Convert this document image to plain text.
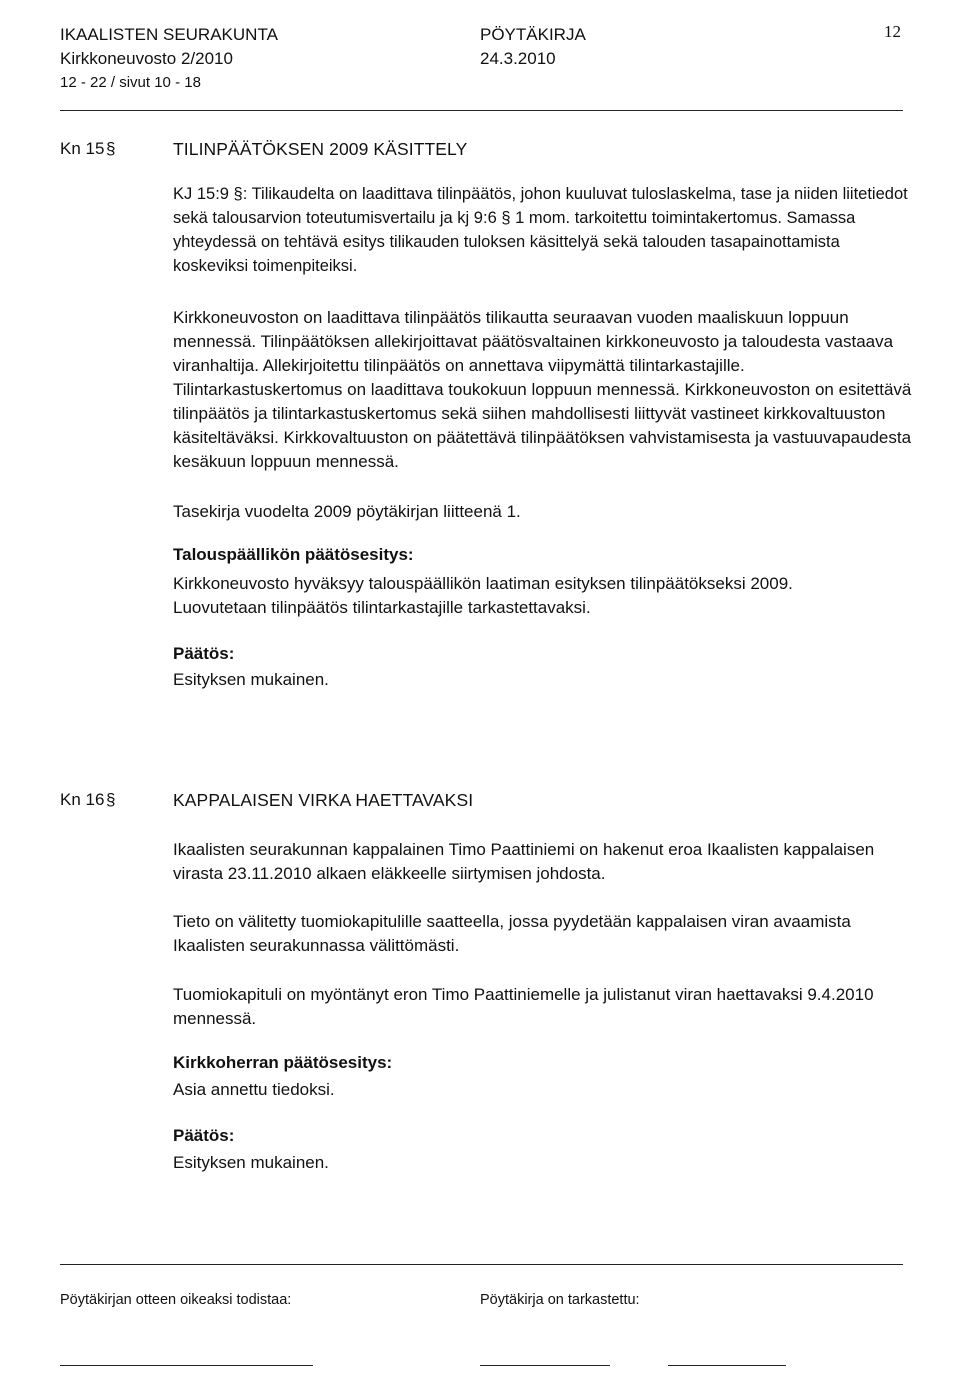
IKAALISTEN SEURAKUNTA	PÖYTÄKIRJA	12
Kirkkoneuvosto 2/2010	24.3.2010
12 - 22 / sivut 10 - 18
Kn 15 §	TILINPÄÄTÖKSEN 2009 KÄSITTELY
KJ 15:9 §: Tilikaudelta on laadittava tilinpäätös, johon kuuluvat tuloslaskelma, tase ja niiden liitetiedot sekä talousarvion toteutumisvertailu ja kj 9:6 § 1 mom. tarkoitettu toimintakertomus. Samassa yhteydessä on tehtävä esitys tilikauden tuloksen käsittelyä sekä talouden tasapainottamista koskeviksi toimenpiteiksi.
Kirkkoneuvoston on laadittava tilinpäätös tilikautta seuraavan vuoden maaliskuun loppuun mennessä. Tilinpäätöksen allekirjoittavat päätösvaltainen kirkkoneuvosto ja taloudesta vastaava viranhaltija. Allekirjoitettu tilinpäätös on annettava viipymättä tilintarkastajille. Tilintarkastuskertomus on laadittava toukokuun loppuun mennessä. Kirkkoneuvoston on esitettävä tilinpäätös ja tilintarkastuskertomus sekä siihen mahdollisesti liittyvät vastineet kirkkovaltuuston käsiteltäväksi. Kirkkovaltuuston on päätettävä tilinpäätöksen vahvistamisesta ja vastuuvapaudesta kesäkuun loppuun mennessä.
Tasekirja vuodelta 2009 pöytäkirjan liitteenä 1.
Talouspäällikön päätösesitys:
Kirkkoneuvosto hyväksyy talouspäällikön laatiman esityksen tilinpäätökseksi 2009.
Luovutetaan tilinpäätös tilintarkastajille tarkastettavaksi.
Päätös:
Esityksen mukainen.
Kn 16 §	KAPPALAISEN VIRKA HAETTAVAKSI
Ikaalisten seurakunnan kappalainen Timo Paattiniemi on hakenut eroa Ikaalisten kappalaisen virasta 23.11.2010 alkaen eläkkeelle siirtymisen johdosta.
Tieto on välitetty tuomiokapitulille saatteella, jossa pyydetään kappalaisen viran avaamista Ikaalisten seurakunnassa välittömästi.
Tuomiokapituli on myöntänyt eron Timo Paattiniemelle ja julistanut viran haettavaksi 9.4.2010 mennessä.
Kirkkoherran päätösesitys:
Asia annettu tiedoksi.
Päätös:
Esityksen mukainen.
Pöytäkirjan otteen oikeaksi todistaa:	Pöytäkirja on tarkastettu:
